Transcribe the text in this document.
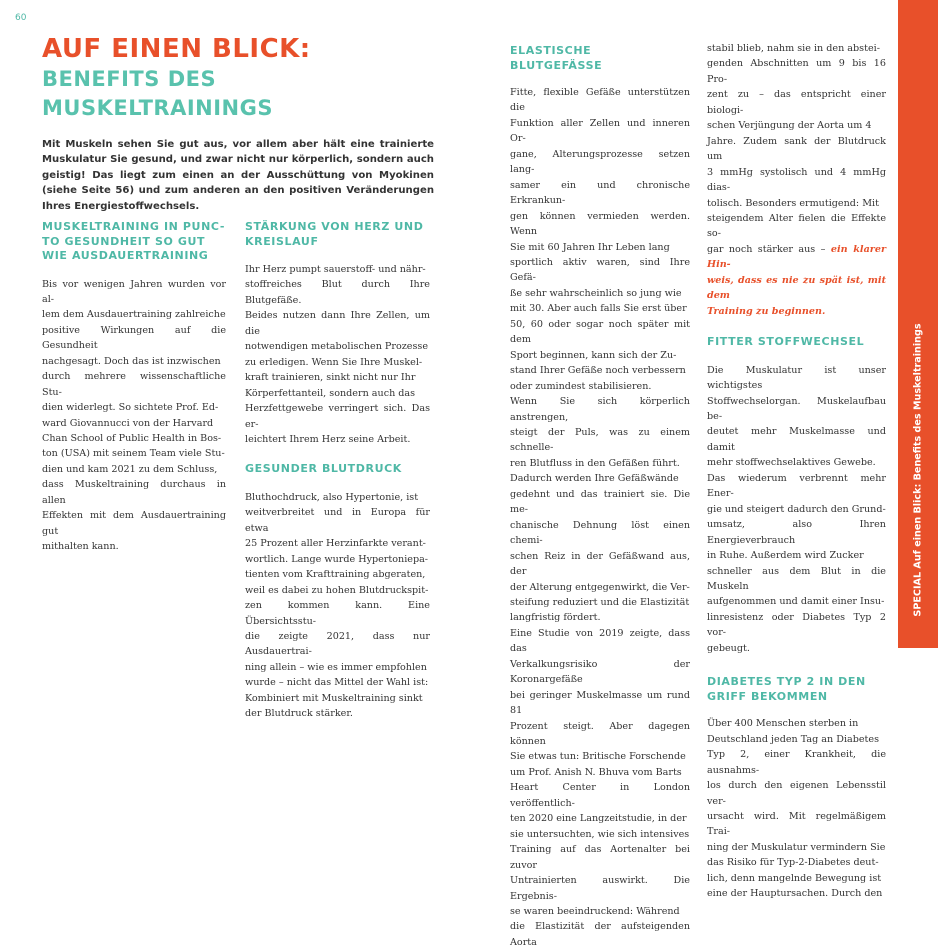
60
AUF EINEN BLICK:
BENEFITS DES
MUSKELTRAININGS
Mit Muskeln sehen Sie gut aus, vor allem aber hält eine trainierte Muskulatur Sie gesund, und zwar nicht nur körperlich, sondern auch geistig! Das liegt zum einen an der Ausschüttung von Myokinen (siehe Seite 56) und zum anderen an den positiven Veränderungen Ihres Energiestoffwechsels.
MUSKELTRAINING IN PUNC-
TO GESUNDHEIT SO GUT
WIE AUSDAUERTRAINING

Bis vor wenigen Jahren wurden vor al-
lem dem Ausdauertraining zahlreiche
positive Wirkungen auf die Gesundheit
nachgesagt. Doch das ist inzwischen
durch mehrere wissenschaftliche Stu-
dien widerlegt. So sichtete Prof. Ed-
ward Giovannucci von der Harvard
Chan School of Public Health in Bos-
ton (USA) mit seinem Team viele Stu-
dien und kam 2021 zu dem Schluss,
dass Muskeltraining durchaus in allen
Effekten mit dem Ausdauertraining gut
mithalten kann.

STÄRKUNG VON HERZ UND
KREISLAUF

Ihr Herz pumpt sauerstoff- und nähr-
stoffreiches Blut durch Ihre Blutgefäße.
Beides nutzen dann Ihre Zellen, um die
notwendigen metabolischen Prozesse
zu erledigen. Wenn Sie Ihre Muskel-
kraft trainieren, sinkt nicht nur Ihr
Körperfettanteil, sondern auch das
Herzfettgewebe verringert sich. Das er-
leichtert Ihrem Herz seine Arbeit.

GESUNDER BLUTDRUCK

Bluthochdruck, also Hypertonie, ist
weitverbreitet und in Europa für etwa
25 Prozent aller Herzinfarkte verant-
wortlich. Lange wurde Hypertoniepa-
tienten vom Krafttraining abgeraten,
weil es dabei zu hohen Blutdruckspit-
zen kommen kann. Eine Übersichtsstu-
die zeigte 2021, dass nur Ausdauertrai-
ning allein – wie es immer empfohlen
wurde – nicht das Mittel der Wahl ist:
Kombiniert mit Muskeltraining sinkt
der Blutdruck stärker.

ELASTISCHE
BLUTGEFÄSSE

Fitte, flexible Gefäße unterstützen die
Funktion aller Zellen und inneren Or-
gane, Alterungsprozesse setzen lang-
samer ein und chronische Erkrankun-
gen können vermieden werden. Wenn
Sie mit 60 Jahren Ihr Leben lang
sportlich aktiv waren, sind Ihre Gefä-
ße sehr wahrscheinlich so jung wie
mit 30. Aber auch falls Sie erst über
50, 60 oder sogar noch später mit dem
Sport beginnen, kann sich der Zu-
stand Ihrer Gefäße noch verbessern
oder zumindest stabilisieren.
Wenn Sie sich körperlich anstrengen,
steigt der Puls, was zu einem schnelle-
ren Blutfluss in den Gefäßen führt.
Dadurch werden Ihre Gefäßwände
gedehnt und das trainiert sie. Die me-
chanische Dehnung löst einen chemi-
schen Reiz in der Gefäßwand aus, der
der Alterung entgegenwirkt, die Ver-
steifung reduziert und die Elastizität
langfristig fördert.
Eine Studie von 2019 zeigte, dass das
Verkalkungsrisiko der Koronargefäße
bei geringer Muskelmasse um rund 81
Prozent steigt. Aber dagegen können
Sie etwas tun: Britische Forschende
um Prof. Anish N. Bhuva vom Barts
Heart Center in London veröffentlich-
ten 2020 eine Langzeitstudie, in der
sie untersuchten, wie sich intensives
Training auf das Aortenalter bei zuvor
Untrainierten auswirkt. Die Ergebnis-
se waren beeindruckend: Während
die Elastizität der aufsteigenden Aorta

stabil blieb, nahm sie in den abstei-
genden Abschnitten um 9 bis 16 Pro-
zent zu – das entspricht einer biologi-
schen Verjüngung der Aorta um 4
Jahre. Zudem sank der Blutdruck um
3 mmHg systolisch und 4 mmHg dias-
tolisch. Besonders ermutigend: Mit
steigendem Alter fielen die Effekte so-
gar noch stärker aus – ein klarer Hin-
weis, dass es nie zu spät ist, mit dem
Training zu beginnen.

FITTER STOFFWECHSEL

Die Muskulatur ist unser wichtigstes
Stoffwechselorgan. Muskelaufbau be-
deutet mehr Muskelmasse und damit
mehr stoffwechselaktives Gewebe.
Das wiederum verbrennt mehr Ener-
gie und steigert dadurch den Grund-
umsatz, also Ihren Energieverbrauch
in Ruhe. Außerdem wird Zucker
schneller aus dem Blut in die Muskeln
aufgenommen und damit einer Insu-
linresistenz oder Diabetes Typ 2 vor-
gebeugt.

DIABETES TYP 2 IN DEN
GRIFF BEKOMMEN

Über 400 Menschen sterben in
Deutschland jeden Tag an Diabetes
Typ 2, einer Krankheit, die ausnahms-
los durch den eigenen Lebensstil ver-
ursacht wird. Mit regelmäßigem Trai-
ning der Muskulatur vermindern Sie
das Risiko für Typ-2-Diabetes deut-
lich, denn mangelnde Bewegung ist
eine der Hauptursachen. Durch den

SPECIAL Auf einen Blick: Benefits des Muskeltrainings
